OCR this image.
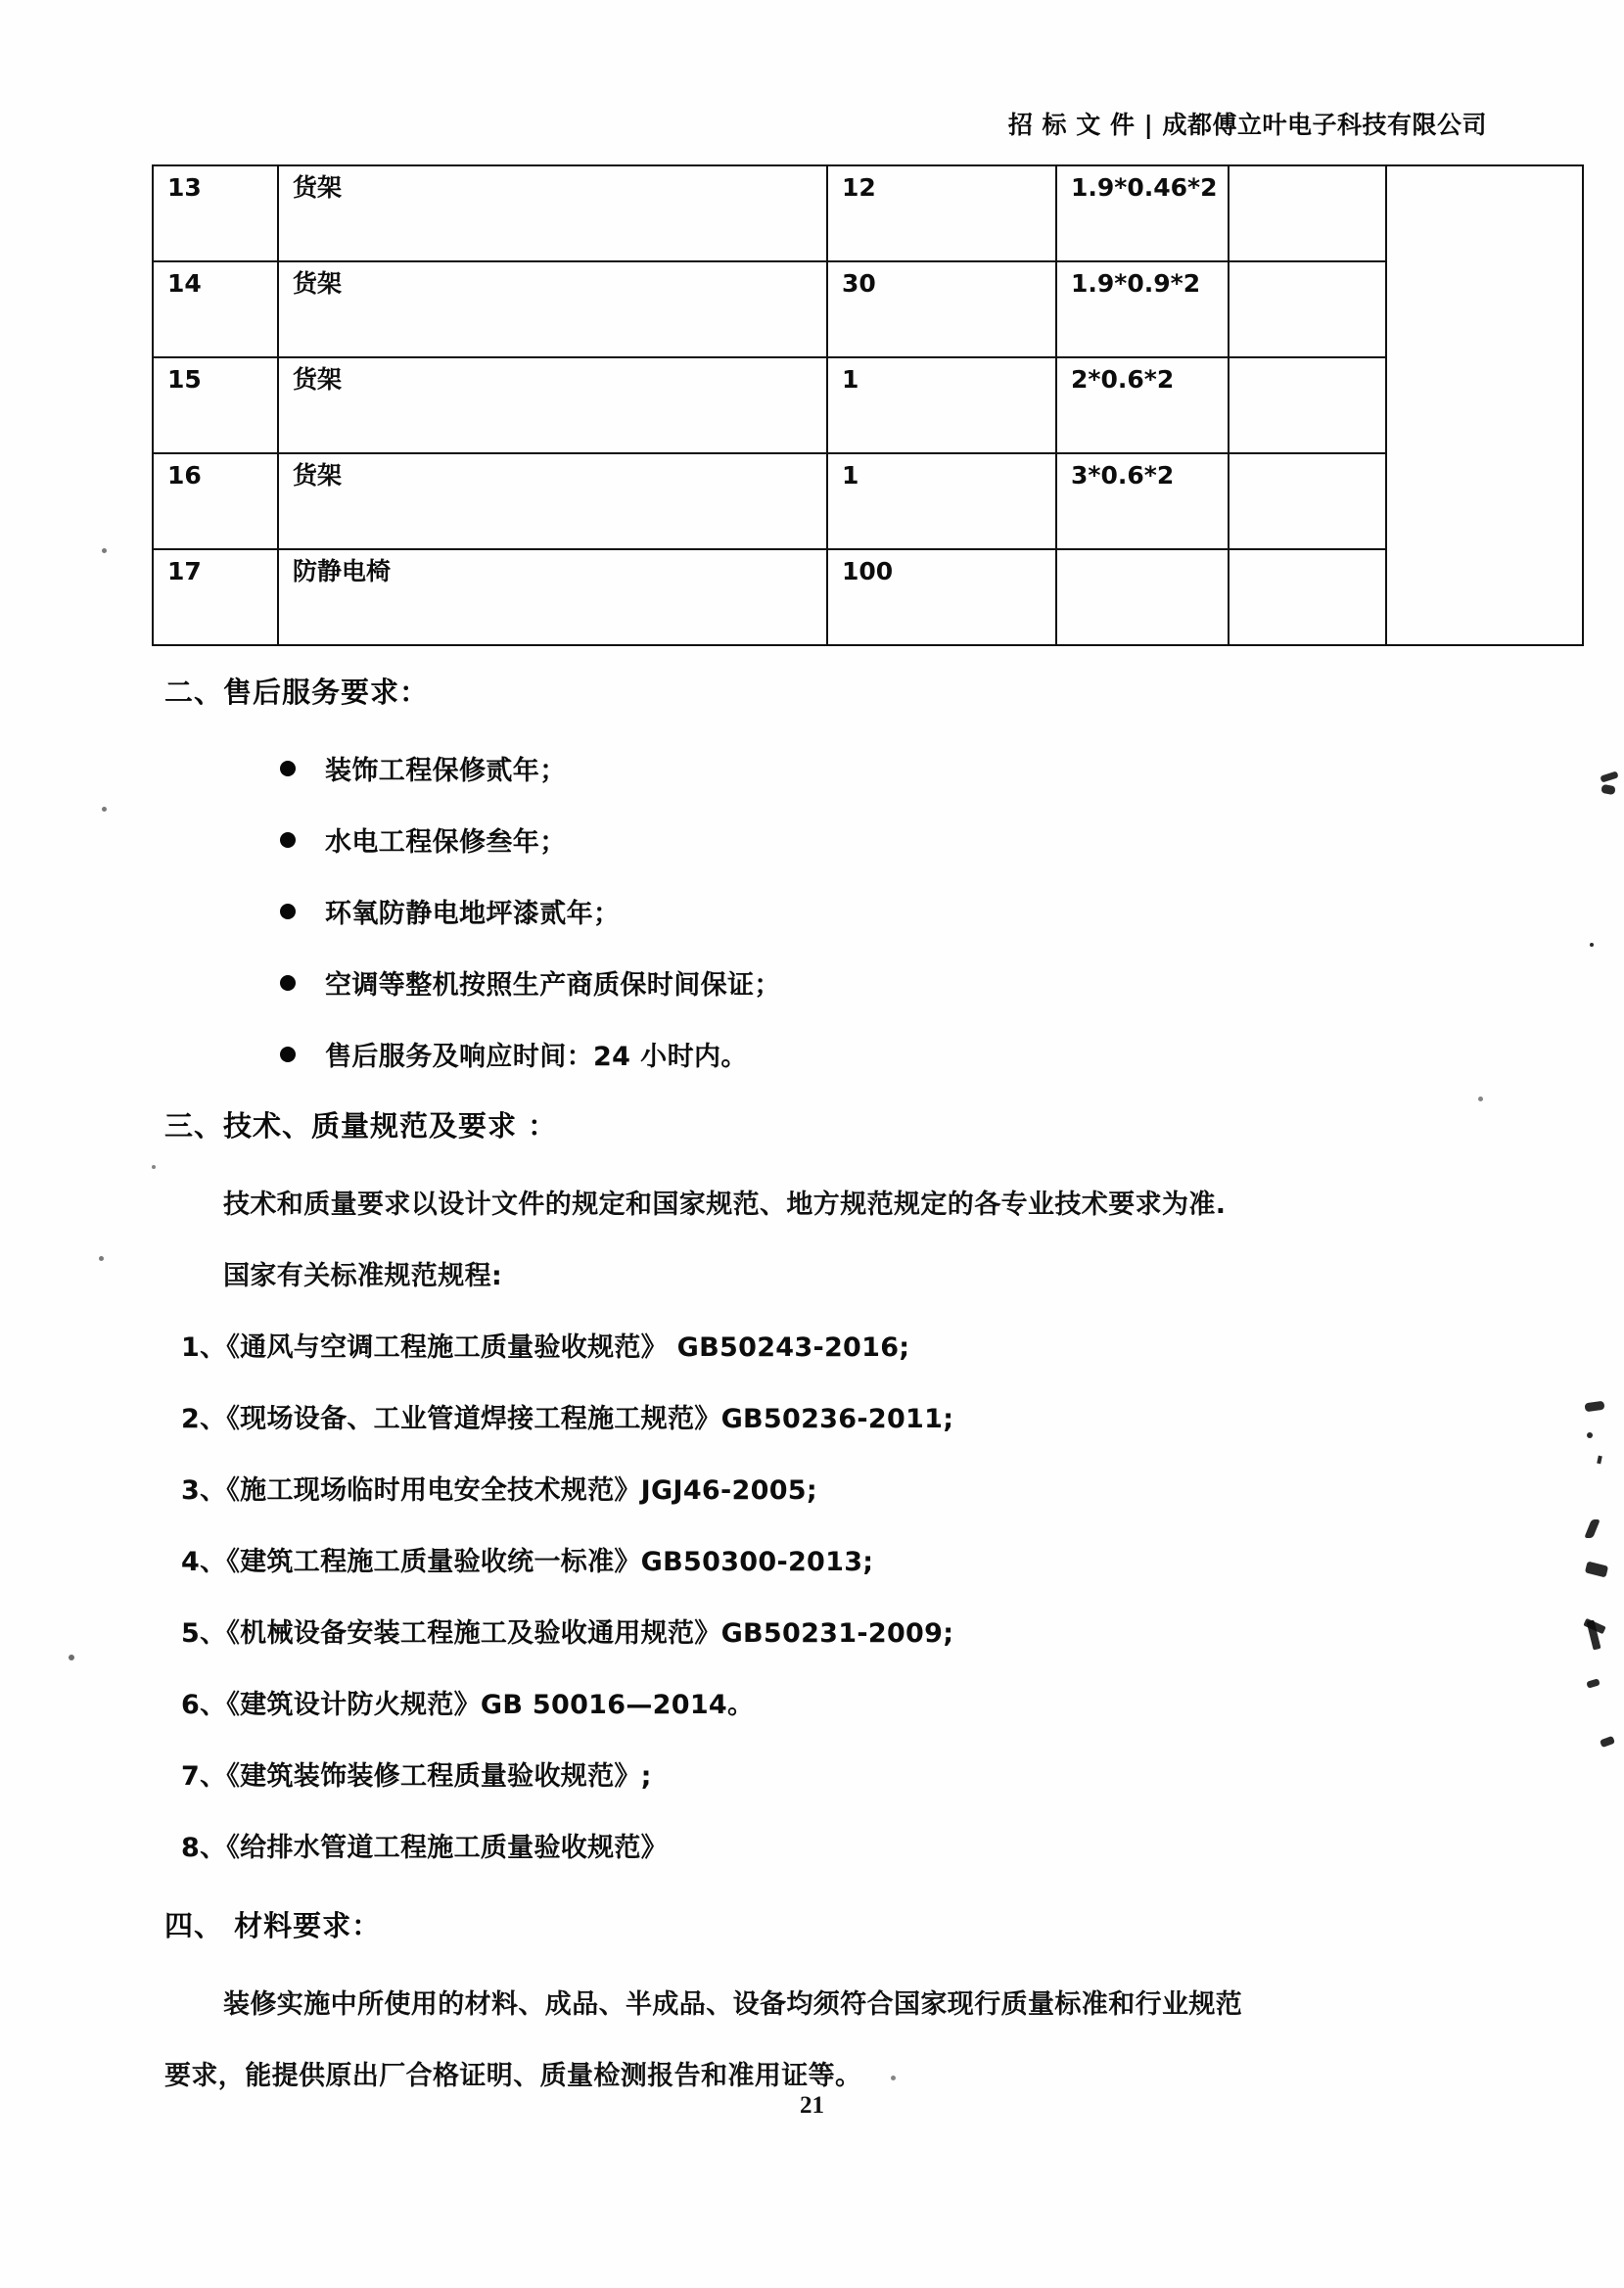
招 标 文 件 | 成都傅立叶电子科技有限公司
13	货架	12	1.9*0.46*2		
14	货架	30	1.9*0.9*2		
15	货架	1	2*0.6*2		
16	货架	1	3*0.6*2		
17	防静电椅	100			
二、售后服务要求：
装饰工程保修贰年；
水电工程保修叁年；
环氧防静电地坪漆贰年；
空调等整机按照生产商质保时间保证；
售后服务及响应时间：24 小时内。
三、技术、质量规范及要求 ：
技术和质量要求以设计文件的规定和国家规范、地方规范规定的各专业技术要求为准.
国家有关标准规范规程:
1、《通风与空调工程施工质量验收规范》 GB50243-2016;
2、《现场设备、工业管道焊接工程施工规范》GB50236-2011;
3、《施工现场临时用电安全技术规范》JGJ46-2005;
4、《建筑工程施工质量验收统一标准》GB50300-2013;
5、《机械设备安装工程施工及验收通用规范》GB50231-2009;
6、《建筑设计防火规范》GB 50016—2014。
7、《建筑装饰装修工程质量验收规范》;
8、《给排水管道工程施工质量验收规范》
四、 材料要求：
装修实施中所使用的材料、成品、半成品、设备均须符合国家现行质量标准和行业规范
要求，能提供原出厂合格证明、质量检测报告和准用证等。
21
